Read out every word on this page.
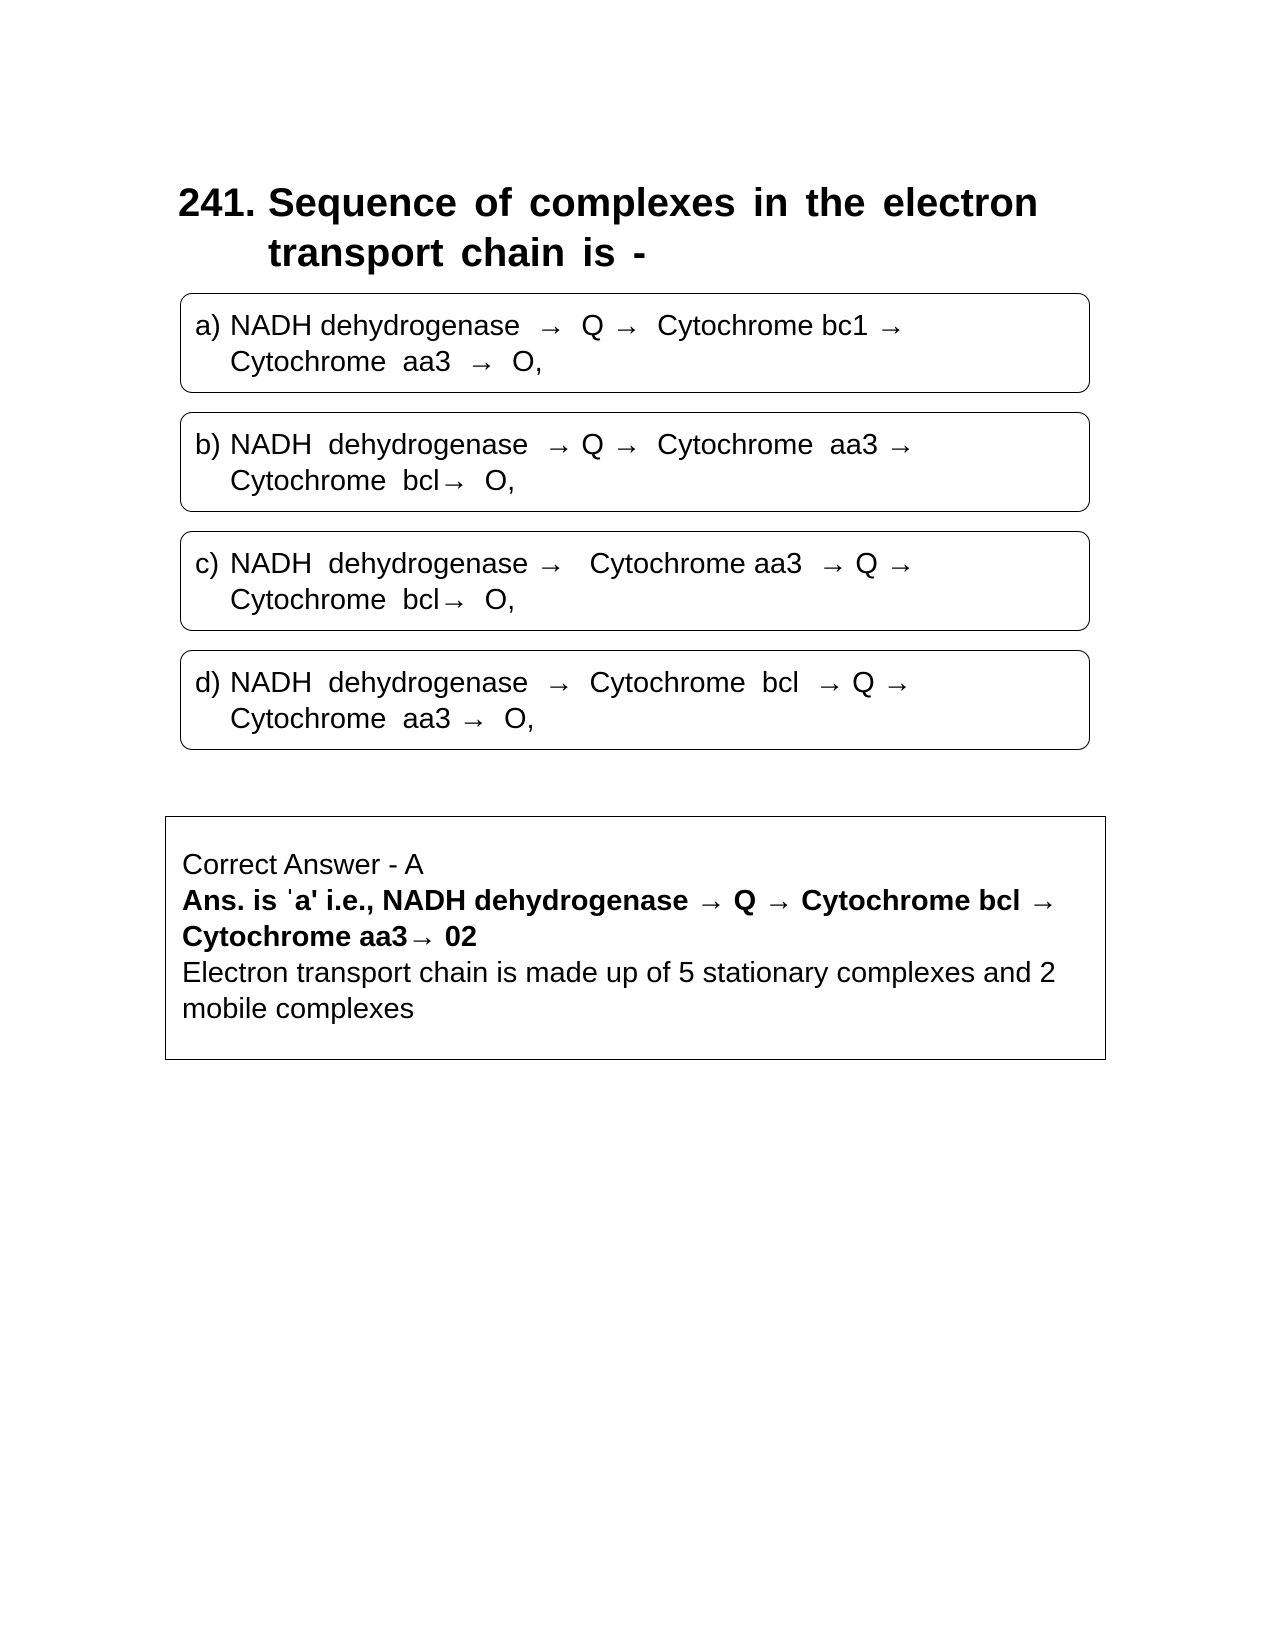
241. Sequence of complexes in the electron transport chain is -
a) NADH dehydrogenase  →  Q →  Cytochrome bc1 →
Cytochrome  aa3  →  O,
b) NADH  dehydrogenase  → Q →  Cytochrome  aa3 →
Cytochrome  bcl→  O,
c) NADH  dehydrogenase →   Cytochrome aa3  → Q →
Cytochrome  bcl→  O,
d) NADH  dehydrogenase  →  Cytochrome  bcl  → Q →
Cytochrome  aa3 →  O,
Correct Answer - A
Ans. is ˈa' i.e., NADH dehydrogenase → Q → Cytochrome bcl → Cytochrome aa3→ 02
Electron transport chain is made up of 5 stationary complexes and 2 mobile complexes
